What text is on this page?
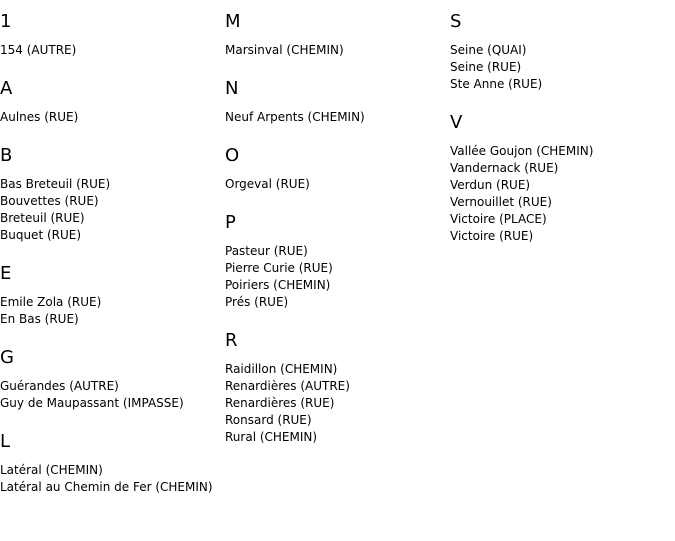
1
154 (AUTRE)
A
Aulnes (RUE)
B
Bas Breteuil (RUE)
Bouvettes (RUE)
Breteuil (RUE)
Buquet (RUE)
E
Emile Zola (RUE)
En Bas (RUE)
G
Guérandes (AUTRE)
Guy de Maupassant (IMPASSE)
L
Latéral (CHEMIN)
Latéral au Chemin de Fer (CHEMIN)
M
Marsinval (CHEMIN)
N
Neuf Arpents (CHEMIN)
O
Orgeval (RUE)
P
Pasteur (RUE)
Pierre Curie (RUE)
Poiriers (CHEMIN)
Prés (RUE)
R
Raidillon (CHEMIN)
Renardières (AUTRE)
Renardières (RUE)
Ronsard (RUE)
Rural (CHEMIN)
S
Seine (QUAI)
Seine (RUE)
Ste Anne (RUE)
V
Vallée Goujon (CHEMIN)
Vandernack (RUE)
Verdun (RUE)
Vernouillet (RUE)
Victoire (PLACE)
Victoire (RUE)
